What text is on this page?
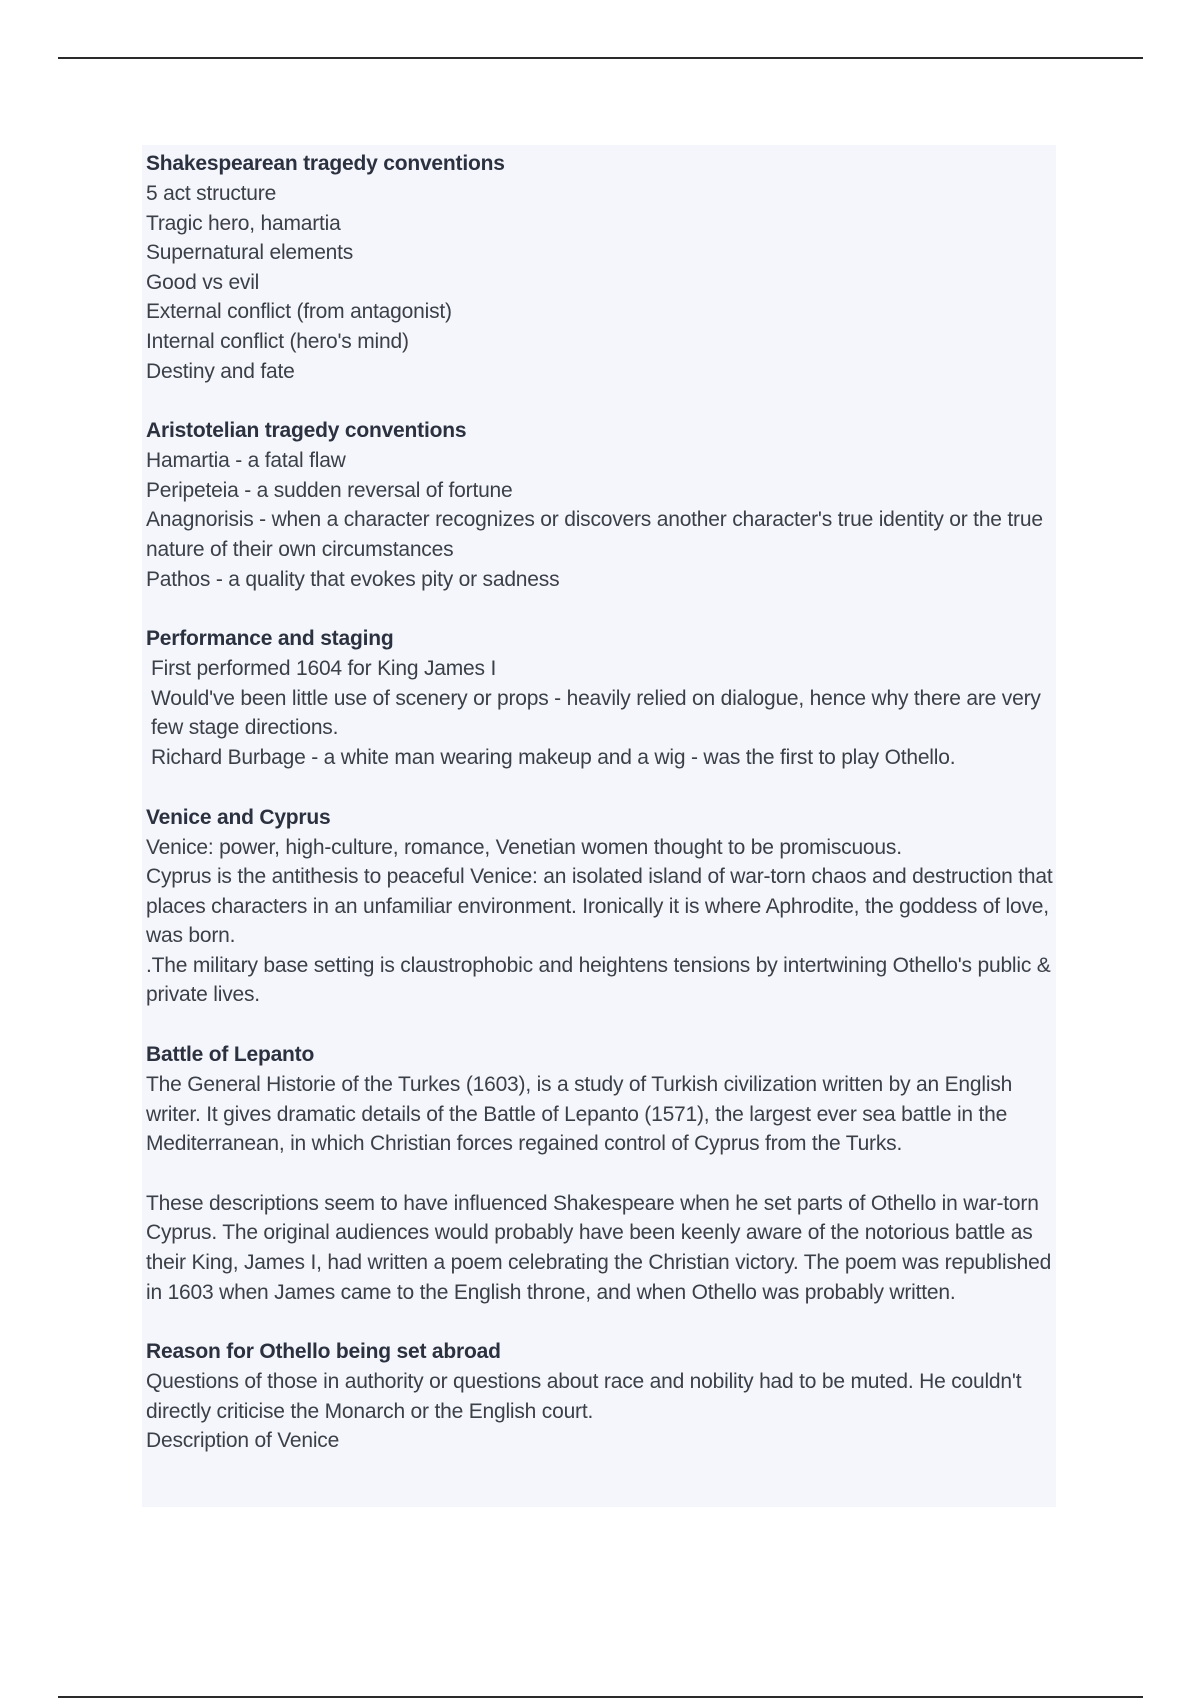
Shakespearean tragedy conventions
5 act structure
Tragic hero, hamartia
Supernatural elements
Good vs evil
External conflict (from antagonist)
Internal conflict (hero's mind)
Destiny and fate
Aristotelian tragedy conventions
Hamartia - a fatal flaw
Peripeteia - a sudden reversal of fortune
Anagnorisis - when a character recognizes or discovers another character's true identity or the true nature of their own circumstances
Pathos - a quality that evokes pity or sadness
Performance and staging
First performed 1604 for King James I
Would've been little use of scenery or props - heavily relied on dialogue, hence why there are very few stage directions.
Richard Burbage - a white man wearing makeup and a wig - was the first to play Othello.
Venice and Cyprus
Venice: power, high-culture, romance, Venetian women thought to be promiscuous.
Cyprus is the antithesis to peaceful Venice: an isolated island of war-torn chaos and destruction that places characters in an unfamiliar environment. Ironically it is where Aphrodite, the goddess of love, was born.
.The military base setting is claustrophobic and heightens tensions by intertwining Othello's public & private lives.
Battle of Lepanto
The General Historie of the Turkes (1603), is a study of Turkish civilization written by an English writer. It gives dramatic details of the Battle of Lepanto (1571), the largest ever sea battle in the Mediterranean, in which Christian forces regained control of Cyprus from the Turks.
These descriptions seem to have influenced Shakespeare when he set parts of Othello in war-torn Cyprus. The original audiences would probably have been keenly aware of the notorious battle as their King, James I, had written a poem celebrating the Christian victory. The poem was republished in 1603 when James came to the English throne, and when Othello was probably written.
Reason for Othello being set abroad
Questions of those in authority or questions about race and nobility had to be muted. He couldn't directly criticise the Monarch or the English court.
Description of Venice
